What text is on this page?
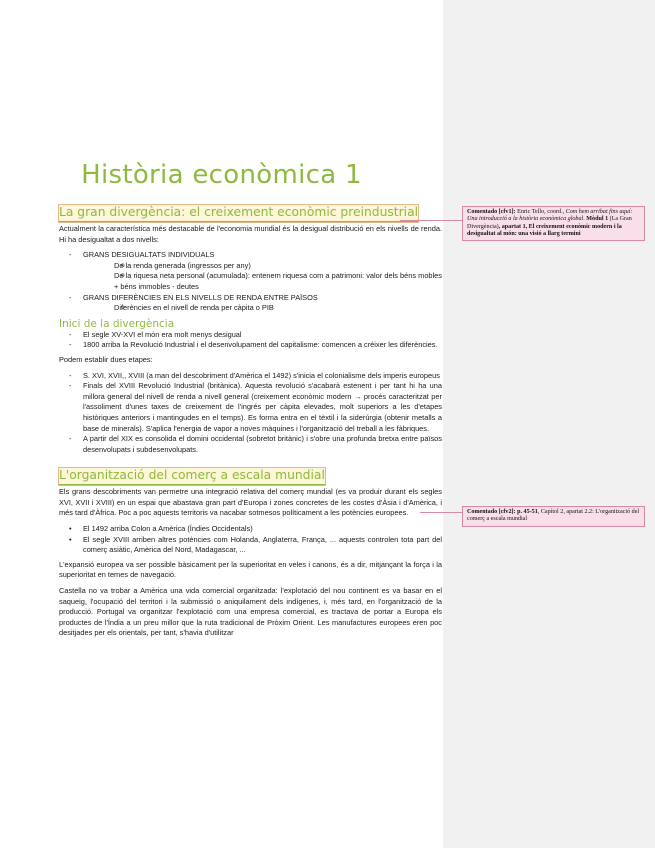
Història econòmica 1
La gran divergència: el creixement econòmic preindustrial

Actualment la característica més destacable de l'economia mundial és la desigual distribució en els nivells de renda. Hi ha desigualtat a dos nivells:

- GRANS DESIGUALTATS INDIVIDUALS
o De la renda generada (ingressos per any)
o De la riquesa neta personal (acumulada): entenem riquesa com a patrimoni: valor dels béns mobles + béns immobles - deutes
- GRANS DIFERÈNCIES EN ELS NIVELLS DE RENDA ENTRE PAÏSOS
o Diferències en el nivell de renda per càpita o PIB
Inici de la divergència
- El segle XV-XVI el món era molt menys desigual
- 1800 arriba la Revolució Industrial i el desenvolupament del capitalisme: comencen a créixer les diferències.

Podem establir dues etapes:

- S. XVI, XVII,, XVIII (a man del descobriment d'Amèrica el 1492) s'inicia el colonialisme dels imperis europeus
- Finals del XVIII Revolució Industrial (britànica). Aquesta revolució s'acabarà estenent i per tant hi ha una millora general del nivell de renda a nivell general (creixement econòmic modern → procés caracteritzat per l'assoliment d'unes taxes de creixement de l'ingrés per càpita elevades, molt superiors a les d'etapes històriques anteriors i mantingudes en el temps). Es forma entra en el tèxtil i la siderúrgia (obtenir metalls a base de minerals). S'aplica l'energia de vapor a noves màquines i l'organització del treball a les fàbriques.
- A partir del XIX es consolida el domini occidental (sobretot britànic) i s'obre una profunda bretxa entre països desenvolupats i subdesenvolupats.
L'organització del comerç a escala mundial

Els grans descobriments van permetre una integració relativa del comerç mundial (es va produir durant els segles XVI, XVII i XVIII) en un espai que abastava gran part d'Europa i zones concretes de les costes d'Àsia i d'Amèrica, i més tard d'Àfrica. Poc a poc aquests territoris va nacabar sotmesos políticament a les potències europees.

• El 1492 arriba Colon a Amèrica (Índies Occidentals)
• El segle XVIII arriben altres potències com Holanda, Anglaterra, França, ... aquests controlen tota part del comerç asiàtic, Amèrica del Nord, Madagascar, ...

L'expansió europea va ser possible bàsicament per la superioritat en veles i canons, és a dir, mitjançant la força i la superioritat en temes de navegació.

Castella no va trobar a Amèrica una vida comercial organitzada: l'explotació del nou continent es va basar en el saqueig, l'ocupació del territori i la submissió o aniquilament dels indígenes, i, més tard, en l'organització de la producció. Portugal va organitzar l'explotació com una empresa comercial, es tractava de portar a Europa els productes de l'Índia a un preu millor que la ruta tradicional de Pròxim Orient. Les manufactures europees eren poc desitjades per els orientals, per tant, s'havia d'utilitzar

Comentado [cfv1]: Enric Tello, coord., Com hem arribat fins aquí: Una introducció a la història econòmica global. Mòdul 1 (La Gran Divergència), apartat 1, El creixement econòmic modern i la desigualtat al món: una visió a llarg termini
Comentado [cfv2]: p. 45-51, Capítol 2, apartat 2.2: L'organització del comerç a escala mundial
